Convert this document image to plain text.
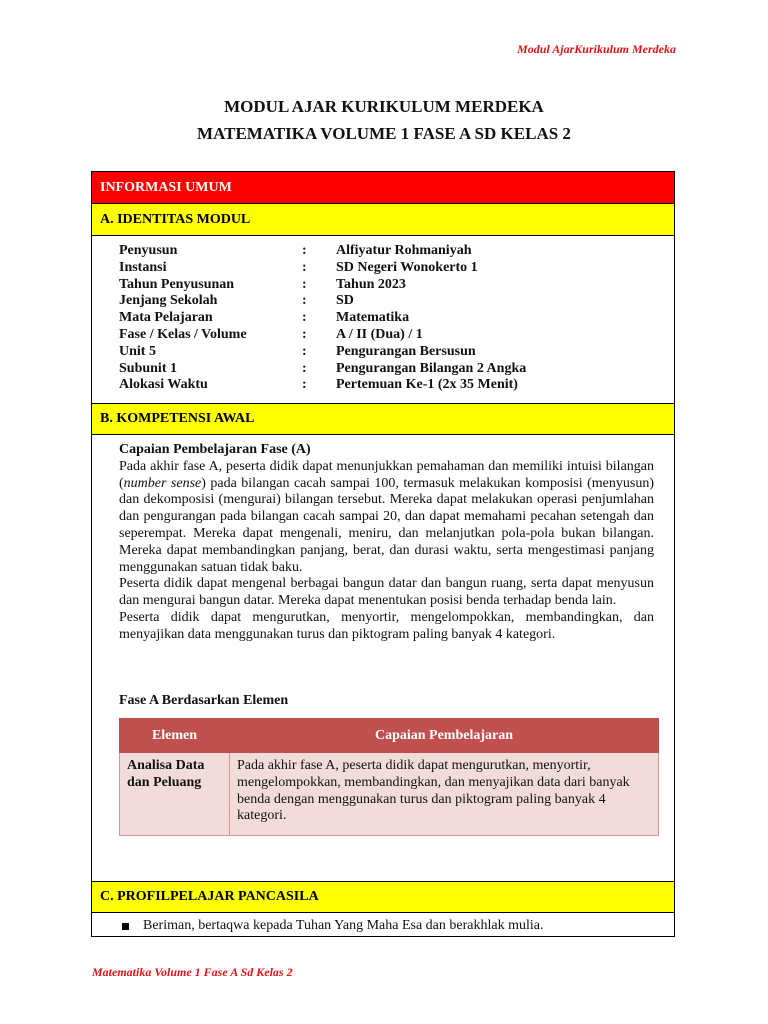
Modul AjarKurikulum Merdeka
MODUL AJAR KURIKULUM MERDEKA
MATEMATIKA VOLUME 1 FASE A SD KELAS 2
INFORMASI UMUM
A. IDENTITAS MODUL
Penyusun	:	Alfiyatur Rohmaniyah
Instansi	:	SD Negeri Wonokerto 1
Tahun Penyusunan	:	Tahun 2023
Jenjang Sekolah	:	SD
Mata Pelajaran	:	Matematika
Fase / Kelas / Volume	:	A / II (Dua) / 1
Unit 5	:	Pengurangan Bersusun
Subunit 1	:	Pengurangan Bilangan 2 Angka
Alokasi Waktu	:	Pertemuan Ke-1 (2x 35 Menit)
B. KOMPETENSI AWAL
Capaian Pembelajaran Fase (A)

Pada akhir fase A, peserta didik dapat menunjukkan pemahaman dan memiliki intuisi bilangan (number sense) pada bilangan cacah sampai 100, termasuk melakukan komposisi (menyusun) dan dekomposisi (mengurai) bilangan tersebut. Mereka dapat melakukan operasi penjumlahan dan pengurangan pada bilangan cacah sampai 20, dan dapat memahami pecahan setengah dan seperempat. Mereka dapat mengenali, meniru, dan melanjutkan pola-pola bukan bilangan. Mereka dapat membandingkan panjang, berat, dan durasi waktu, serta mengestimasi panjang menggunakan satuan tidak baku.

Peserta didik dapat mengenal berbagai bangun datar dan bangun ruang, serta dapat menyusun dan mengurai bangun datar. Mereka dapat menentukan posisi benda terhadap benda lain.

Peserta didik dapat mengurutkan, menyortir, mengelompokkan, membandingkan, dan menyajikan data menggunakan turus dan piktogram paling banyak 4 kategori.

Fase A Berdasarkan Elemen
Elemen	Capaian Pembelajaran
Analisa Data dan Peluang	Pada akhir fase A, peserta didik dapat mengurutkan, menyortir, mengelompokkan, membandingkan, dan menyajikan data dari banyak benda dengan menggunakan turus dan piktogram paling banyak 4 kategori.
C. PROFILPELAJAR PANCASILA
Beriman, bertaqwa kepada Tuhan Yang Maha Esa dan berakhlak mulia.
Matematika Volume 1 Fase A Sd Kelas 2
